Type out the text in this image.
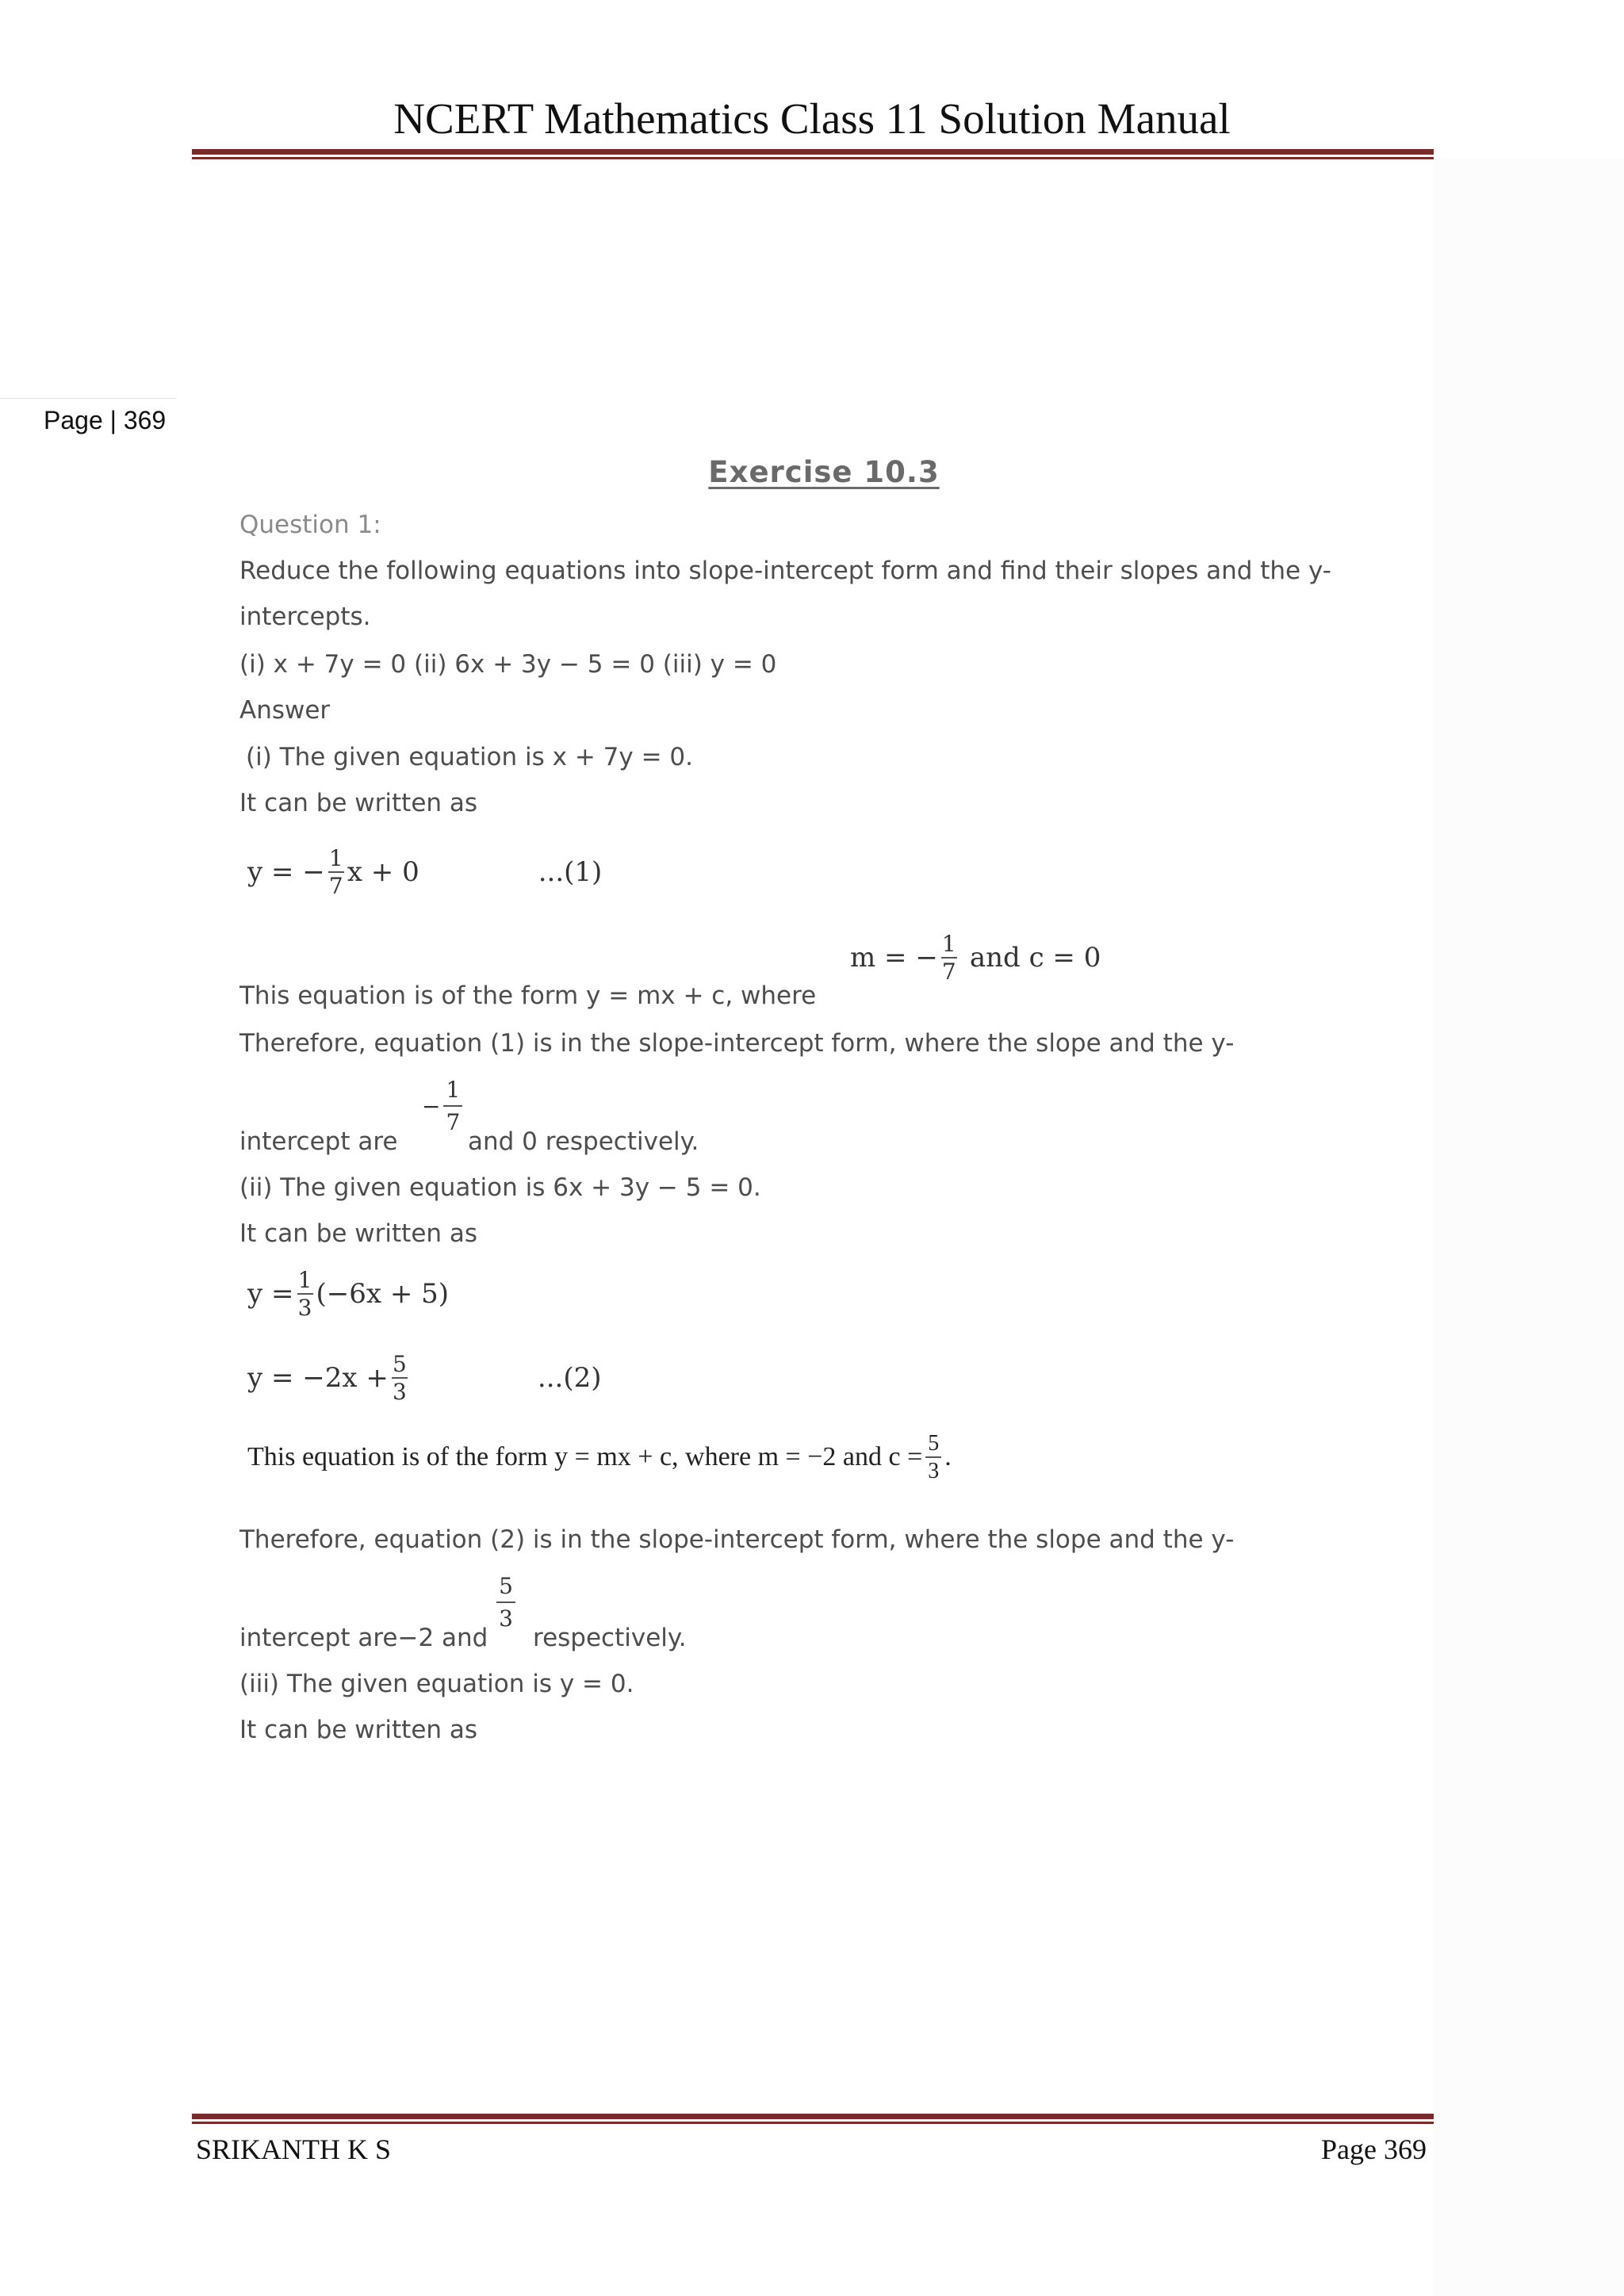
NCERT Mathematics Class 11 Solution Manual
Page | 369
Exercise 10.3
Question 1:
Reduce the following equations into slope-intercept form and find their slopes and the y-
intercepts.
(i) x + 7y = 0 (ii) 6x + 3y − 5 = 0 (iii) y = 0
Answer
(i) The given equation is x + 7y = 0.
It can be written as
y = − $\frac{1}{7}$ x + 0	...(1)
This equation is of the form y = mx + c, where
m = − $\frac{1}{7}$ and c = 0
Therefore, equation (1) is in the slope-intercept form, where the slope and the y-
intercept are
−
1
7
and 0 respectively.
(ii) The given equation is 6x + 3y − 5 = 0.
It can be written as
$y = \frac{1}{3} (-6x + 5)$
$y = -2x + \frac{5}{3}$	...(2)
This equation is of the form y = mx + c, where m = −2 and $c = \frac{5}{3}$ .
Therefore, equation (2) is in the slope-intercept form, where the slope and the y-
intercept are−2 and
5
3
respectively.
(iii) The given equation is y = 0.
It can be written as
SRIKANTH K S	Page 369
